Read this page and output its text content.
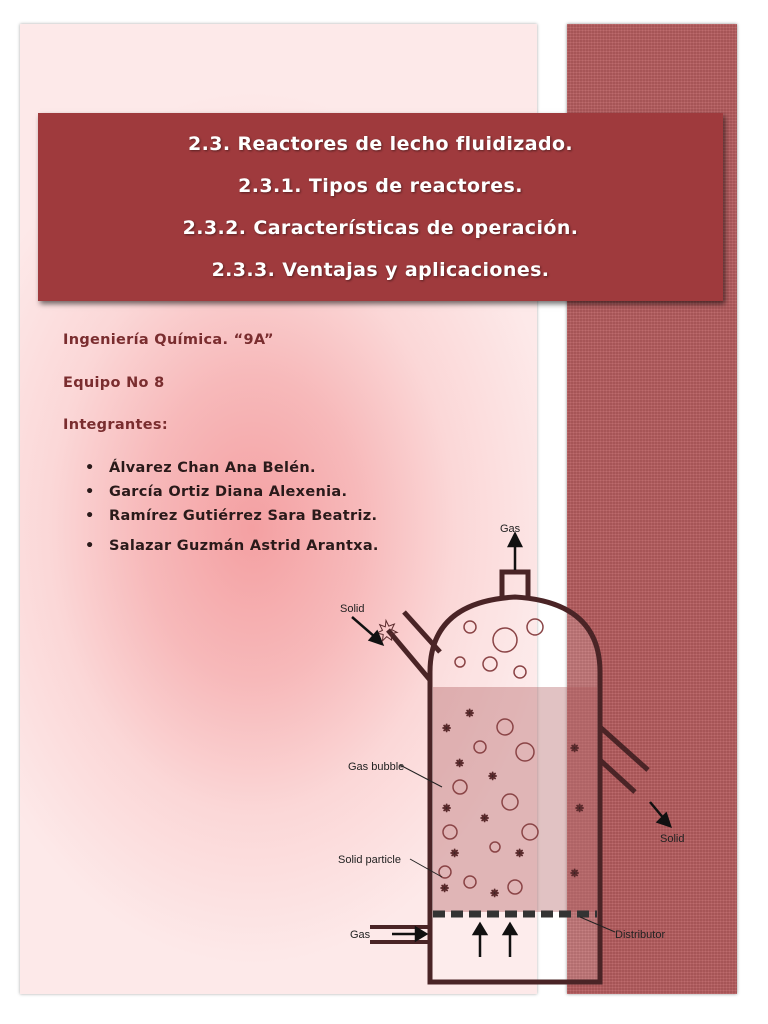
2.3. Reactores de lecho fluidizado.
2.3.1. Tipos de reactores.
2.3.2. Características de operación.
2.3.3. Ventajas y aplicaciones.
Ingeniería Química. “9A”
Equipo No 8
Integrantes:
• Álvarez Chan Ana Belén.
• García Ortiz Diana Alexenia.
• Ramírez Gutiérrez Sara Beatriz.
• Salazar Guzmán Astrid Arantxa.
✷
✷
✷
✷
✷
✷
✷
✷
✷
✷
✷
✷
✷
Gas
Solid
Gas bubble
Solid particle
Gas	Distributor
Solid
